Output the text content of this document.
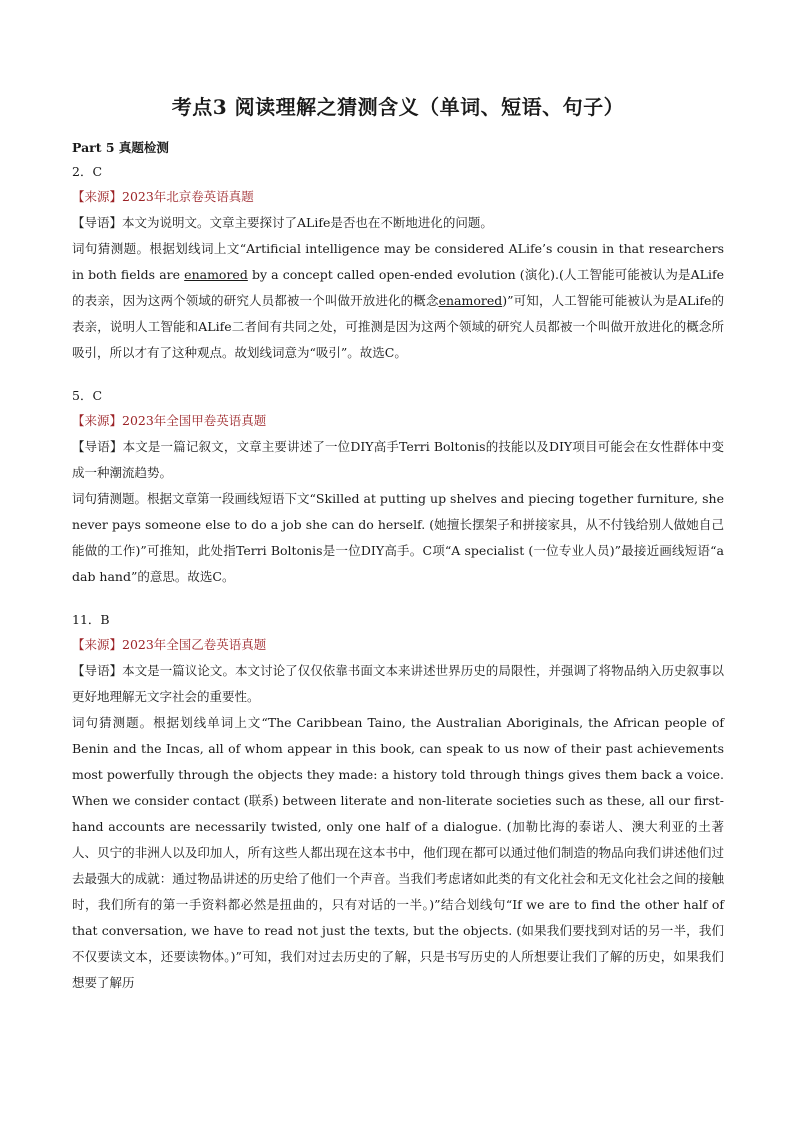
考点3 阅读理解之猜测含义（单词、短语、句子）

Part 5 真题检测

2．C

【来源】2023年北京卷英语真题

【导语】本文为说明文。文章主要探讨了ALife是否也在不断地进化的问题。

词句猜测题。根据划线词上文“Artificial intelligence may be considered ALife’s cousin in that researchers in both fields are enamored by a concept called open-ended evolution (演化).(人工智能可能被认为是ALife的表亲，因为这两个领域的研究人员都被一个叫做开放进化的概念enamored)”可知，人工智能可能被认为是ALife的表亲，说明人工智能和ALife二者间有共同之处，可推测是因为这两个领域的研究人员都被一个叫做开放进化的概念所吸引，所以才有了这种观点。故划线词意为“吸引”。故选C。

5．C

【来源】2023年全国甲卷英语真题

【导语】本文是一篇记叙文，文章主要讲述了一位DIY高手Terri Boltonis的技能以及DIY项目可能会在女性群体中变成一种潮流趋势。

词句猜测题。根据文章第一段画线短语下文“Skilled at putting up shelves and piecing together furniture, she never pays someone else to do a job she can do herself. (她擅长摆架子和拼接家具，从不付钱给别人做她自己能做的工作)”可推知，此处指Terri Boltonis是一位DIY高手。C项“A specialist (一位专业人员)”最接近画线短语“a dab hand”的意思。故选C。

11．B

【来源】2023年全国乙卷英语真题

【导语】本文是一篇议论文。本文讨论了仅仅依靠书面文本来讲述世界历史的局限性，并强调了将物品纳入历史叙事以更好地理解无文字社会的重要性。

词句猜测题。根据划线单词上文“The Caribbean Taino, the Australian Aboriginals, the African people of Benin and the Incas, all of whom appear in this book, can speak to us now of their past achievements most powerfully through the objects they made: a history told through things gives them back a voice. When we consider contact (联系) between literate and non-literate societies such as these, all our first-hand accounts are necessarily twisted, only one half of a dialogue. (加勒比海的泰诺人、澳大利亚的土著人、贝宁的非洲人以及印加人，所有这些人都出现在这本书中，他们现在都可以通过他们制造的物品向我们讲述他们过去最强大的成就：通过物品讲述的历史给了他们一个声音。当我们考虑诸如此类的有文化社会和无文化社会之间的接触时，我们所有的第一手资料都必然是扭曲的，只有对话的一半。)”结合划线句“If we are to find the other half of that conversation, we have to read not just the texts, but the objects. (如果我们要找到对话的另一半，我们不仅要读文本，还要读物体。)”可知，我们对过去历史的了解，只是书写历史的人所想要让我们了解的历史，如果我们想要了解历
